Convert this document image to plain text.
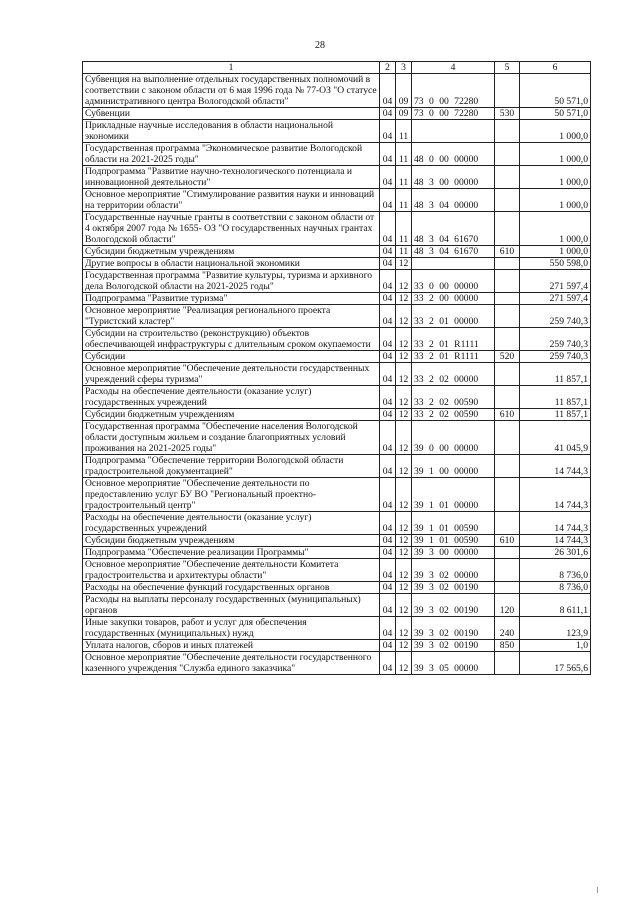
28
1	2	3	4	5	6
Субвенция на выполнение отдельных государственных полномочий в соответствии с законом области от 6 мая 1996 года № 77-ОЗ "О статусе административного центра Вологодской области"	04	09	73 0 00 72280		50 571,0
Субвенции	04	09	73 0 00 72280	530	50 571,0
Прикладные научные исследования в области национальной экономики	04	11			1 000,0
Государственная программа "Экономическое развитие Вологодской области на 2021-2025 годы"	04	11	48 0 00 00000		1 000,0
Подпрограмма "Развитие научно-технологического потенциала и инновационной деятельности"	04	11	48 3 00 00000		1 000,0
Основное мероприятие "Стимулирование развития науки и инноваций на территории области"	04	11	48 3 04 00000		1 000,0
Государственные научные гранты в соответствии с законом области от 4 октября 2007 года № 1655- ОЗ "О государственных научных грантах Вологодской области"	04	11	48 3 04 61670		1 000,0
Субсидии бюджетным учреждениям	04	11	48 3 04 61670	610	1 000,0
Другие вопросы в области национальной экономики	04	12			550 598,0
Государственная программа "Развитие культуры, туризма и архивного дела Вологодской области на 2021-2025 годы"	04	12	33 0 00 00000		271 597,4
Подпрограмма "Развитие туризма"	04	12	33 2 00 00000		271 597,4
Основное мероприятие "Реализация регионального проекта "Туристский кластер"	04	12	33 2 01 00000		259 740,3
Субсидии на строительство (реконструкцию) объектов обеспечивающей инфраструктуры с длительным сроком окупаемости	04	12	33 2 01 R1111		259 740,3
Субсидии	04	12	33 2 01 R1111	520	259 740,3
Основное мероприятие "Обеспечение деятельности государственных учреждений сферы туризма"	04	12	33 2 02 00000		11 857,1
Расходы на обеспечение деятельности (оказание услуг) государственных учреждений	04	12	33 2 02 00590		11 857,1
Субсидии бюджетным учреждениям	04	12	33 2 02 00590	610	11 857,1
Государственная программа "Обеспечение населения Вологодской области доступным жильем и создание благоприятных условий проживания на 2021-2025 годы"	04	12	39 0 00 00000		41 045,9
Подпрограмма "Обеспечение территории Вологодской области градостроительной документацией"	04	12	39 1 00 00000		14 744,3
Основное мероприятие "Обеспечение деятельности по предоставлению услуг БУ ВО "Региональный проектно-градостроительный центр"	04	12	39 1 01 00000		14 744,3
Расходы на обеспечение деятельности (оказание услуг) государственных учреждений	04	12	39 1 01 00590		14 744,3
Субсидии бюджетным учреждениям	04	12	39 1 01 00590	610	14 744,3
Подпрограмма "Обеспечение реализации Программы"	04	12	39 3 00 00000		26 301,6
Основное мероприятие "Обеспечение деятельности Комитета градостроительства и архитектуры области"	04	12	39 3 02 00000		8 736,0
Расходы на обеспечение функций государственных органов	04	12	39 3 02 00190		8 736,0
Расходы на выплаты персоналу государственных (муниципальных) органов	04	12	39 3 02 00190	120	8 611,1
Иные закупки товаров, работ и услуг для обеспечения государственных (муниципальных) нужд	04	12	39 3 02 00190	240	123,9
Уплата налогов, сборов и иных платежей	04	12	39 3 02 00190	850	1,0
Основное мероприятие "Обеспечение деятельности государственного казенного учреждения "Служба единого заказчика"	04	12	39 3 05 00000		17 565,6
